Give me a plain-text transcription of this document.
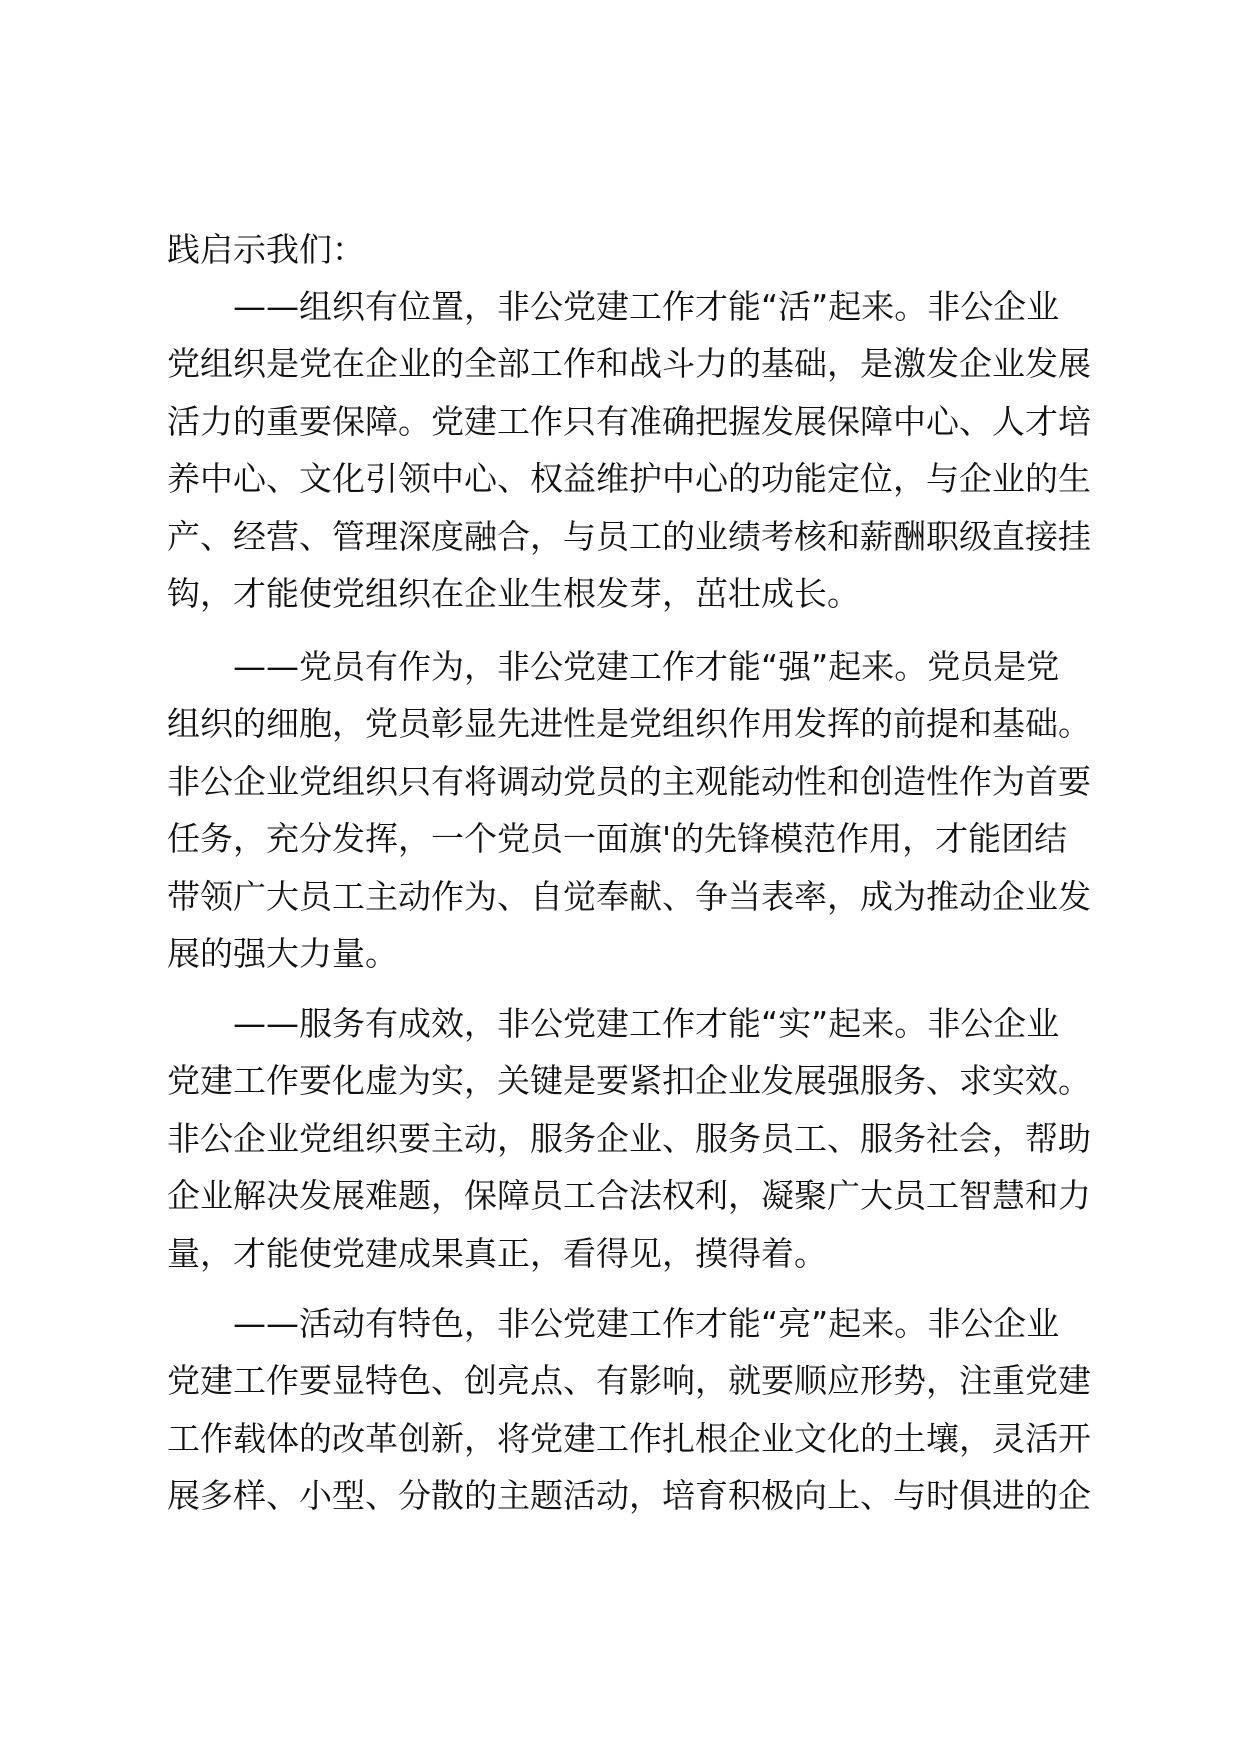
践启示我们：
——组织有位置，非公党建工作才能“活”起来。非公企业
党组织是党在企业的全部工作和战斗力的基础，是激发企业发展
活力的重要保障。党建工作只有准确把握发展保障中心、人才培
养中心、文化引领中心、权益维护中心的功能定位，与企业的生
产、经营、管理深度融合，与员工的业绩考核和薪酬职级直接挂
钩，才能使党组织在企业生根发芽，茁壮成长。
——党员有作为，非公党建工作才能“强”起来。党员是党
组织的细胞，党员彰显先进性是党组织作用发挥的前提和基础。
非公企业党组织只有将调动党员的主观能动性和创造性作为首要
任务，充分发挥，一个党员一面旗'的先锋模范作用，才能团结
带领广大员工主动作为、自觉奉献、争当表率，成为推动企业发
展的强大力量。
——服务有成效，非公党建工作才能“实”起来。非公企业
党建工作要化虚为实，关键是要紧扣企业发展强服务、求实效。
非公企业党组织要主动，服务企业、服务员工、服务社会，帮助
企业解决发展难题，保障员工合法权利，凝聚广大员工智慧和力
量，才能使党建成果真正，看得见，摸得着。
——活动有特色，非公党建工作才能“亮”起来。非公企业
党建工作要显特色、创亮点、有影响，就要顺应形势，注重党建
工作载体的改革创新，将党建工作扎根企业文化的土壤，灵活开
展多样、小型、分散的主题活动，培育积极向上、与时俱进的企
